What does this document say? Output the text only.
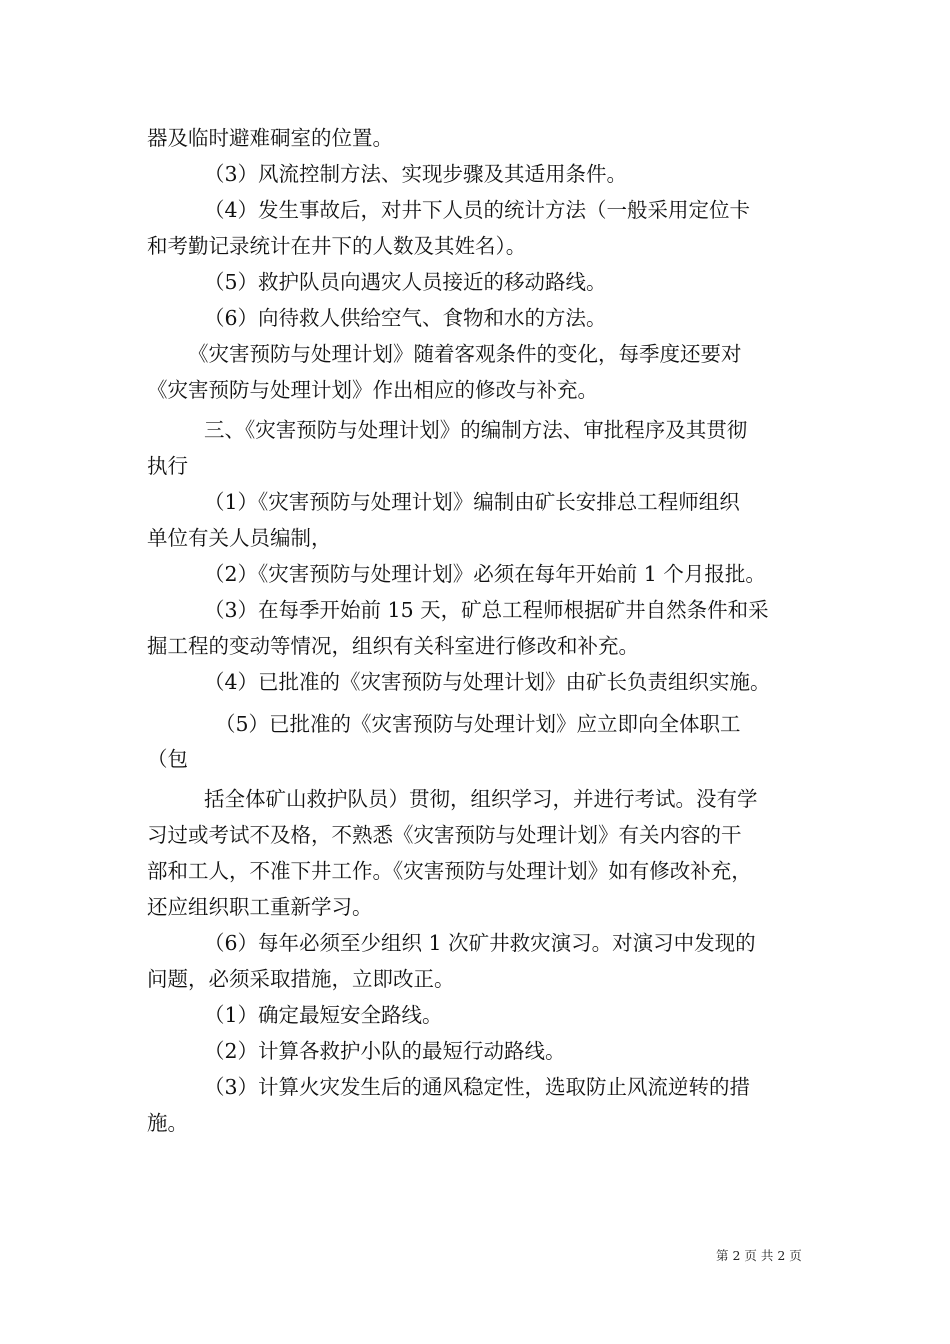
器及临时避难硐室的位置。
（3）风流控制方法、实现步骤及其适用条件。
（4）发生事故后，对井下人员的统计方法（一般采用定位卡
和考勤记录统计在井下的人数及其姓名）。
（5）救护队员向遇灾人员接近的移动路线。
（6）向待救人供给空气、食物和水的方法。
《灾害预防与处理计划》随着客观条件的变化，每季度还要对
《灾害预防与处理计划》作出相应的修改与补充。
三、《灾害预防与处理计划》的编制方法、审批程序及其贯彻
执行
（1）《灾害预防与处理计划》编制由矿长安排总工程师组织
单位有关人员编制，
（2）《灾害预防与处理计划》必须在每年开始前 1 个月报批。
（3）在每季开始前 15 天，矿总工程师根据矿井自然条件和采
掘工程的变动等情况，组织有关科室进行修改和补充。
（4）已批准的《灾害预防与处理计划》由矿长负责组织实施。
（5）已批准的《灾害预防与处理计划》应立即向全体职工
（包
括全体矿山救护队员）贯彻，组织学习，并进行考试。没有学
习过或考试不及格，不熟悉《灾害预防与处理计划》有关内容的干
部和工人，不准下井工作。《灾害预防与处理计划》如有修改补充，
还应组织职工重新学习。
（6）每年必须至少组织 1 次矿井救灾演习。对演习中发现的
问题，必须采取措施，立即改正。
（1）确定最短安全路线。
（2）计算各救护小队的最短行动路线。
（3）计算火灾发生后的通风稳定性，选取防止风流逆转的措
施。
第 2 页 共 2 页
